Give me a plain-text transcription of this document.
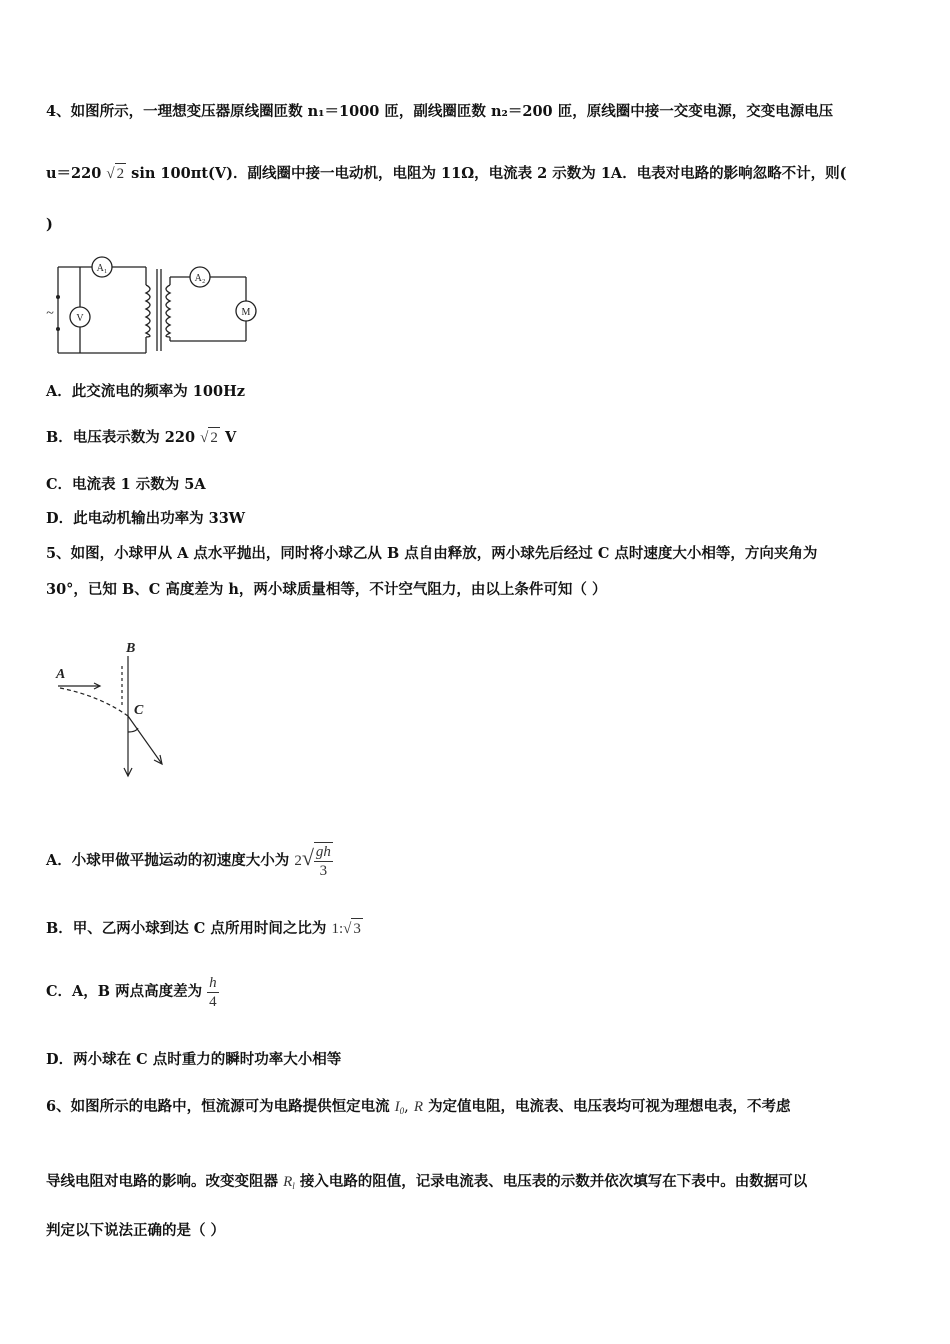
4、如图所示，一理想变压器原线圈匝数 n₁＝1000 匝，副线圈匝数 n₂＝200 匝，原线圈中接一交变电源，交变电源电压
u＝220 √ 2 sin 100πt(V)．副线圈中接一电动机，电阻为 11Ω，电流表 2 示数为 1A．电表对电路的影响忽略不计，则(
)
A₁
V
A₂
M
~
A．此交流电的频率为 100Hz
B．电压表示数为 220 √ 2 V
C．电流表 1 示数为 5A
D．此电动机输出功率为 33W
5、如图，小球甲从 A 点水平抛出，同时将小球乙从 B 点自由释放，两小球先后经过 C 点时速度大小相等，方向夹角为
30°，已知 B、C 高度差为 h，两小球质量相等，不计空气阻力，由以上条件可知（ ）
A
B
C
A．小球甲做平抛运动的初速度大小为 $2√ \frac{gh}{3}$
B．甲、乙两小球到达 C 点所用时间之比为 1:√ 3
C．A，B 两点高度差为 $\frac{h}{4}$
D．两小球在 C 点时重力的瞬时功率大小相等
6、如图所示的电路中，恒流源可为电路提供恒定电流 $I_0$, R 为定值电阻，电流表、电压表均可视为理想电表，不考虑
导线电阻对电路的影响。改变变阻器 $R_l$ 接入电路的阻值，记录电流表、电压表的示数并依次填写在下表中。由数据可以
判定以下说法正确的是（ ）
